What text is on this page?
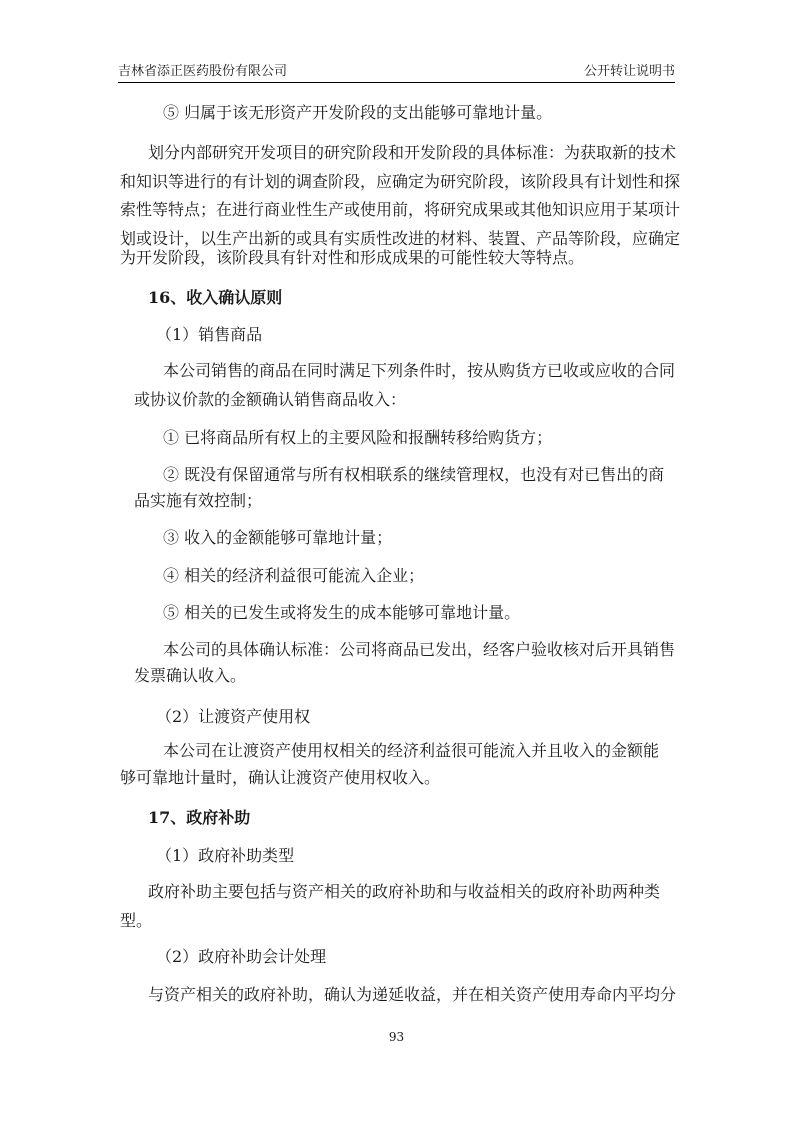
吉林省添正医药股份有限公司	公开转让说明书
⑤ 归属于该无形资产开发阶段的支出能够可靠地计量。
划分内部研究开发项目的研究阶段和开发阶段的具体标准：为获取新的技术
和知识等进行的有计划的调查阶段，应确定为研究阶段，该阶段具有计划性和探
索性等特点；在进行商业性生产或使用前，将研究成果或其他知识应用于某项计
划或设计，以生产出新的或具有实质性改进的材料、装置、产品等阶段，应确定
为开发阶段，该阶段具有针对性和形成成果的可能性较大等特点。
16、收入确认原则
（1）销售商品
本公司销售的商品在同时满足下列条件时，按从购货方已收或应收的合同
或协议价款的金额确认销售商品收入：
① 已将商品所有权上的主要风险和报酬转移给购货方；
② 既没有保留通常与所有权相联系的继续管理权，也没有对已售出的商
品实施有效控制；
③ 收入的金额能够可靠地计量；
④ 相关的经济利益很可能流入企业；
⑤ 相关的已发生或将发生的成本能够可靠地计量。
本公司的具体确认标准：公司将商品已发出，经客户验收核对后开具销售
发票确认收入。
（2）让渡资产使用权
本公司在让渡资产使用权相关的经济利益很可能流入并且收入的金额能
够可靠地计量时，确认让渡资产使用权收入。
17、政府补助
（1）政府补助类型
政府补助主要包括与资产相关的政府补助和与收益相关的政府补助两种类
型。
（2）政府补助会计处理
与资产相关的政府补助，确认为递延收益，并在相关资产使用寿命内平均分
93
